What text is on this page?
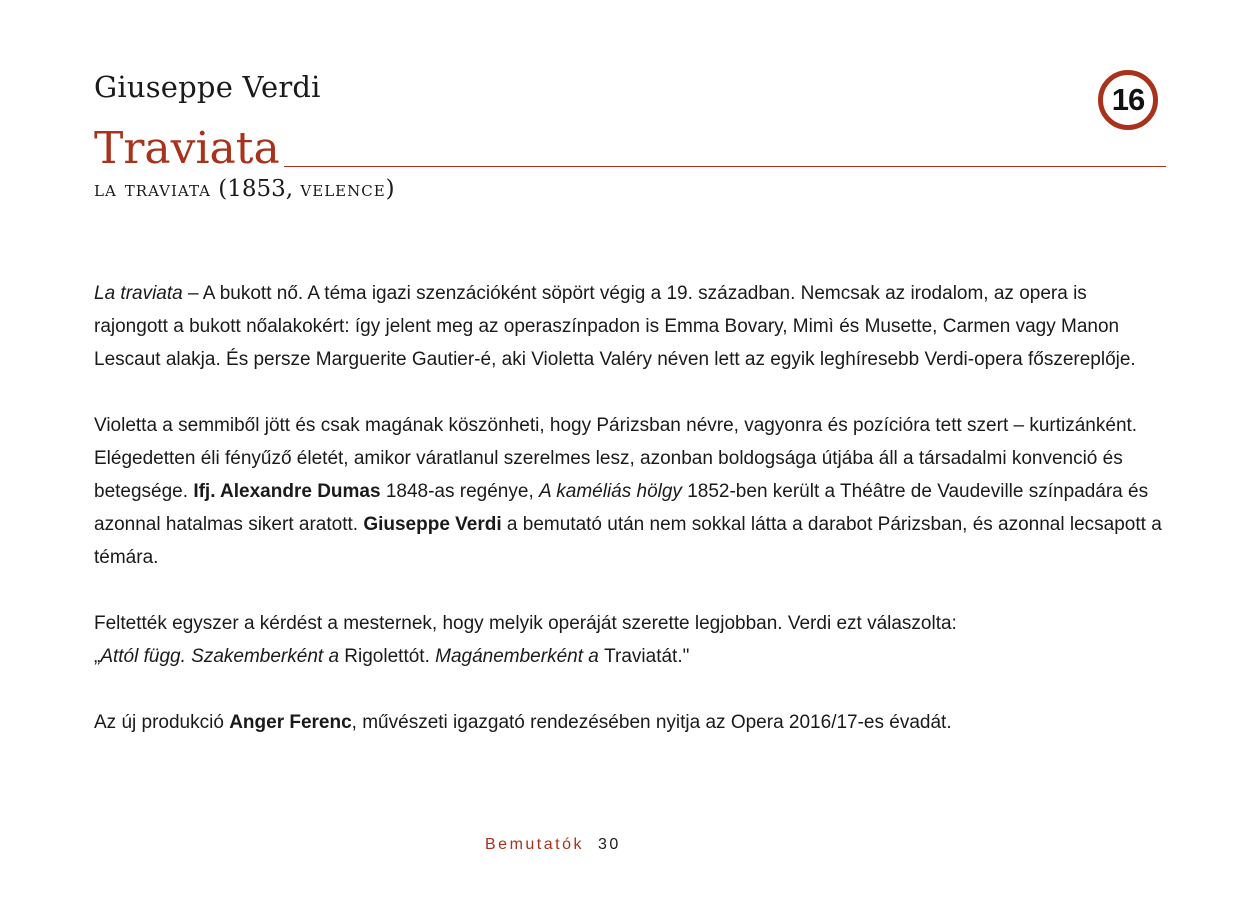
Giuseppe Verdi	16
Traviata
la traviata (1853, velence)

La traviata – A bukott nő. A téma igazi szenzációként söpört végig a 19. században. Nemcsak az irodalom, az opera is rajongott a bukott nőalakokért: így jelent meg az operaszínpadon is Emma Bovary, Mimì és Musette, Carmen vagy Manon Lescaut alakja. És persze Marguerite Gautier-é, aki Violetta Valéry néven lett az egyik leghíresebb Verdi-opera főszereplője.

Violetta a semmiből jött és csak magának köszönheti, hogy Párizsban névre, vagyonra és pozícióra tett szert – kurtizánként. Elégedetten éli fényűző életét, amikor váratlanul szerelmes lesz, azonban boldogsága útjába áll a társadalmi konvenció és betegsége. Ifj. Alexandre Dumas 1848-as regénye, A kaméliás hölgy 1852-ben került a Théâtre de Vaudeville színpadára és azonnal hatalmas sikert aratott. Giuseppe Verdi a bemutató után nem sokkal látta a darabot Párizsban, és azonnal lecsapott a témára.

Feltették egyszer a kérdést a mesternek, hogy melyik operáját szerette legjobban. Verdi ezt válaszolta:
„Attól függ. Szakemberként a Rigolettót. Magánemberként a Traviatát."

Az új produkció Anger Ferenc, művészeti igazgató rendezésében nyitja az Opera 2016/17-es évadát.

Bemutatók 30
